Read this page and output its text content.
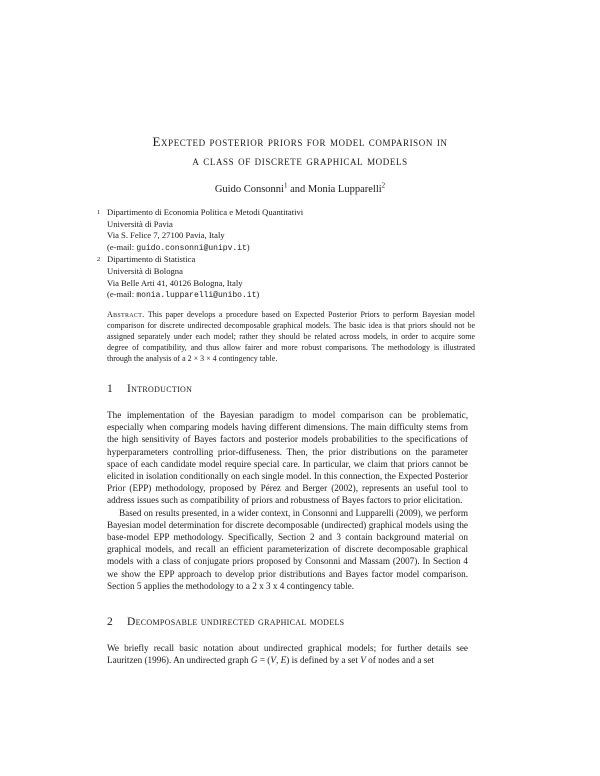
Expected posterior priors for model comparison in
a class of discrete graphical models
Guido Consonni$^1$ and Monia Lupparelli$^2$
1 Dipartimento di Economia Politica e Metodi Quantitativi
Università di Pavia
Via S. Felice 7, 27100 Pavia, Italy
(e-mail: guido.consonni@unipv.it)
2 Dipartimento di Statistica
Università di Bologna
Via Belle Arti 41, 40126 Bologna, Italy
(e-mail: monia.lupparelli@unibo.it)
Abstract. This paper develops a procedure based on Expected Posterior Priors to perform Bayesian model comparison for discrete undirected decomposable graphical models. The basic idea is that priors should not be assigned separately under each model; rather they should be related across models, in order to acquire some degree of compatibility, and thus allow fairer and more robust comparisons. The methodology is illustrated through the analysis of a 2 × 3 × 4 contingency table.
1 Introduction

The implementation of the Bayesian paradigm to model comparison can be problematic, especially when comparing models having different dimensions. The main difficulty stems from the high sensitivity of Bayes factors and posterior models probabilities to the specifications of hyperparameters controlling prior-diffuseness. Then, the prior distributions on the parameter space of each candidate model require special care. In particular, we claim that priors cannot be elicited in isolation conditionally on each single model. In this connection, the Expected Posterior Prior (EPP) methodology, proposed by Pérez and Berger (2002), represents an useful tool to address issues such as compatibility of priors and robustness of Bayes factors to prior elicitation.

Based on results presented, in a wider context, in Consonni and Lupparelli (2009), we perform Bayesian model determination for discrete decomposable (undirected) graphical models using the base-model EPP methodology. Specifically, Section 2 and 3 contain background material on graphical models, and recall an efficient parameterization of discrete decomposable graphical models with a class of conjugate priors proposed by Consonni and Massam (2007). In Section 4 we show the EPP approach to develop prior distributions and Bayes factor model comparison. Section 5 applies the methodology to a 2 x 3 x 4 contingency table.

2 Decomposable undirected graphical models

We briefly recall basic notation about undirected graphical models; for further details see Lauritzen (1996). An undirected graph G = (V, E) is defined by a set V of nodes and a set
